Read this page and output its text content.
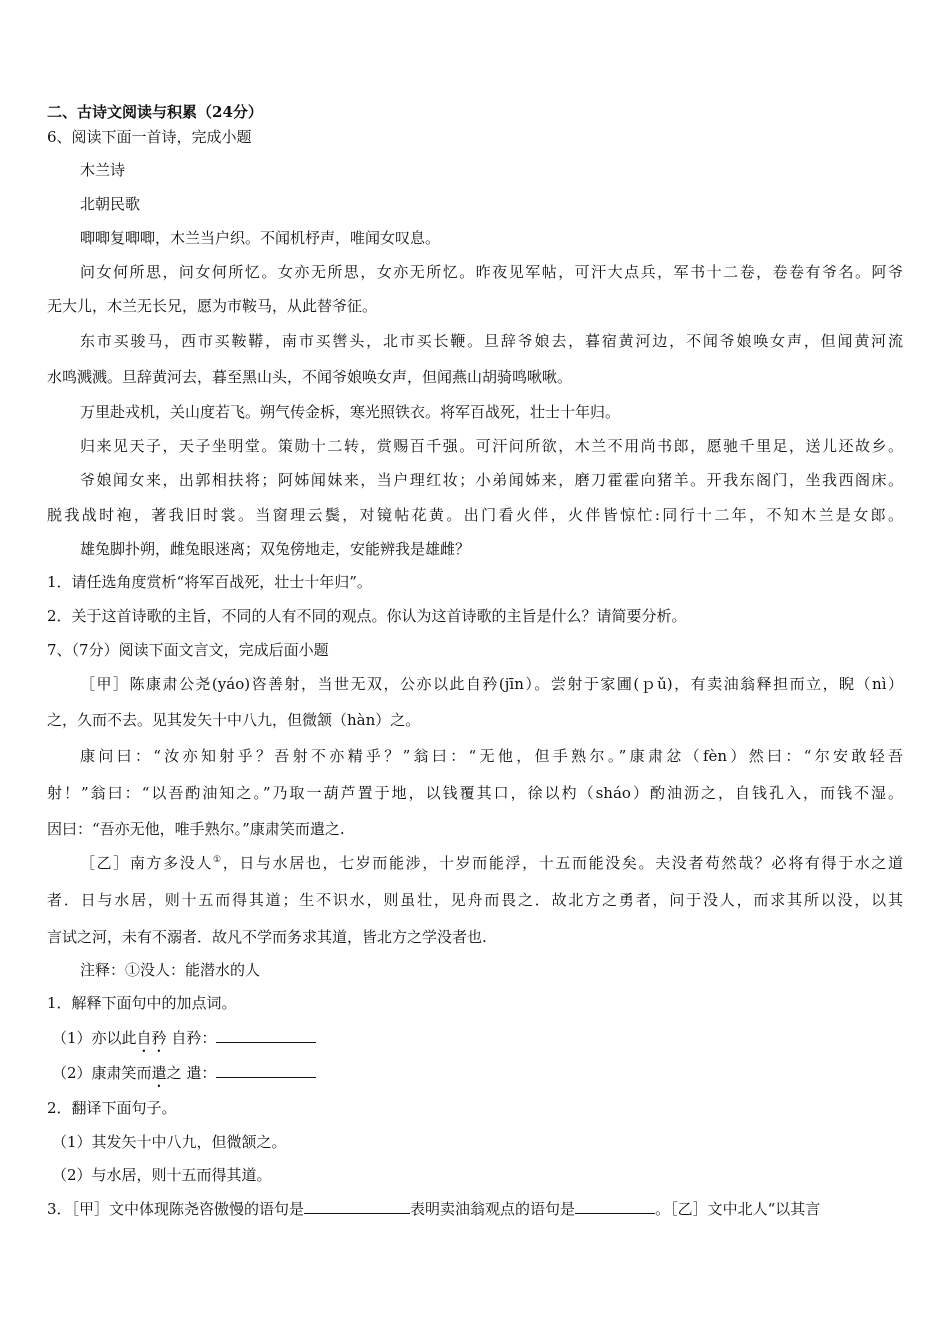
二、古诗文阅读与积累（24分）
6、阅读下面一首诗，完成小题
木兰诗
北朝民歌
唧唧复唧唧，木兰当户织。不闻机杼声，唯闻女叹息。
问女何所思，问女何所忆。女亦无所思，女亦无所忆。昨夜见军帖，可汗大点兵，军书十二卷，卷卷有爷名。阿爷
无大儿，木兰无长兄，愿为市鞍马，从此替爷征。
东市买骏马，西市买鞍鞯，南市买辔头，北市买长鞭。旦辞爷娘去，暮宿黄河边，不闻爷娘唤女声，但闻黄河流
水鸣溅溅。旦辞黄河去，暮至黑山头，不闻爷娘唤女声，但闻燕山胡骑鸣啾啾。
万里赴戎机，关山度若飞。朔气传金柝，寒光照铁衣。将军百战死，壮士十年归。
归来见天子，天子坐明堂。策勋十二转，赏赐百千强。可汗问所欲，木兰不用尚书郎，愿驰千里足，送儿还故乡。
爷娘闻女来，出郭相扶将；阿姊闻妹来，当户理红妆；小弟闻姊来，磨刀霍霍向猪羊。开我东阁门，坐我西阁床。
脱我战时袍，著我旧时裳。当窗理云鬓，对镜帖花黄。出门看火伴，火伴皆惊忙:同行十二年，不知木兰是女郎。
雄兔脚扑朔，雌兔眼迷离；双兔傍地走，安能辨我是雄雌？
1．请任选角度赏析“将军百战死，壮士十年归”。
2．关于这首诗歌的主旨，不同的人有不同的观点。你认为这首诗歌的主旨是什么？请简要分析。
7、（7分）阅读下面文言文，完成后面小题
［甲］陈康肃公尧(yáo)咨善射，当世无双，公亦以此自矜(jīn）。尝射于家圃(ｐǔ)，有卖油翁释担而立，睨（nì）
之，久而不去。见其发矢十中八九，但微颔（hàn）之。
康问曰：“汝亦知射乎？吾射不亦精乎？”翁曰：“无他，但手熟尔。”康肃忿（fèn）然曰：“尔安敢轻吾
射！”翁曰：“以吾酌油知之。”乃取一葫芦置于地，以钱覆其口，徐以杓（sháo）酌油沥之，自钱孔入，而钱不湿。
因曰：“吾亦无他，唯手熟尔。”康肃笑而遣之.
［乙］南方多没人①，日与水居也，七岁而能涉，十岁而能浮，十五而能没矣。夫没者苟然哉？必将有得于水之道
者．日与水居，则十五而得其道；生不识水，则虽壮，见舟而畏之．故北方之勇者，问于没人，而求其所以没，以其
言试之河，未有不溺者．故凡不学而务求其道，皆北方之学没者也.
注释：①没人：能潜水的人
1．解释下面句中的加点词。
（1）亦以此自矜 自矜：
（2）康肃笑而遣之 遣：
2．翻译下面句子。
（1）其发矢十中八九，但微颔之。
（2）与水居，则十五而得其道。
3．［甲］文中体现陈尧咨傲慢的语句是	表明卖油翁观点的语句是	。［乙］文中北人“以其言
